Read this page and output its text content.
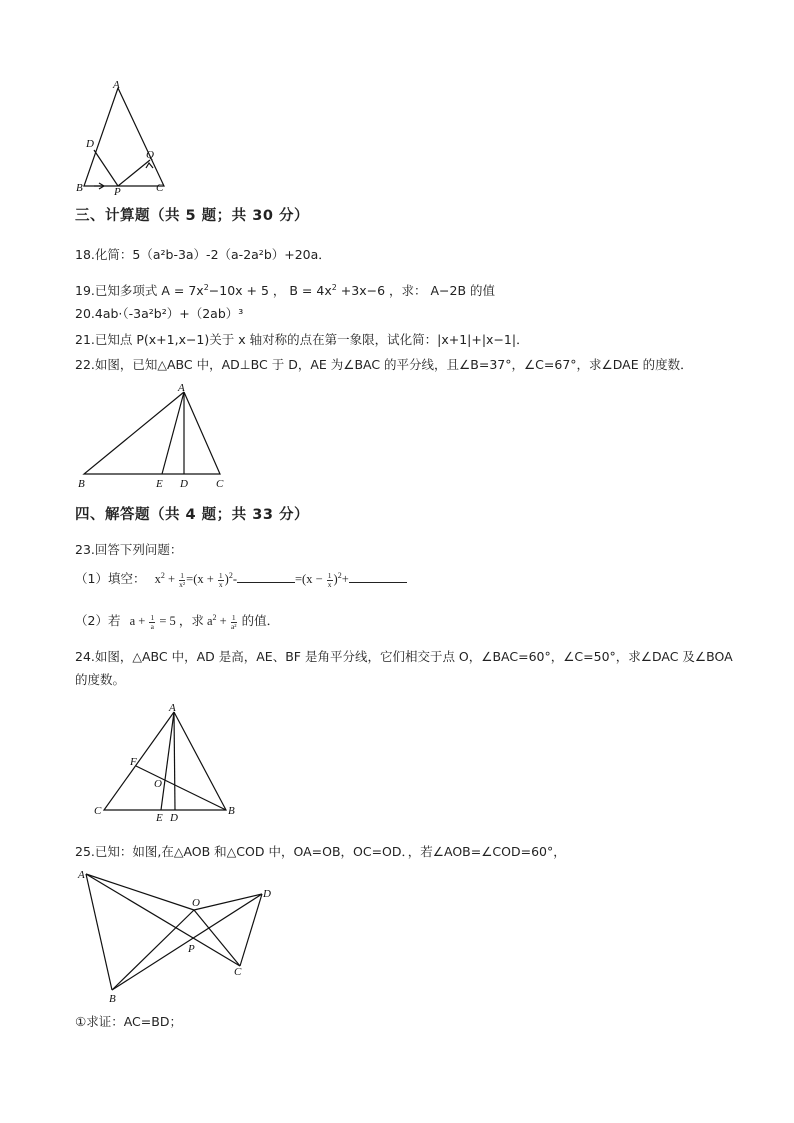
A
D
Q
B	P	C
三、计算题（共 5 题；共 30 分）
18.化简：5（a²b-3a）-2（a-2a²b）+20a．
19.已知多项式 $A = 7x^2-10x + 5$ ， $B = 4x^2 +3x-6$ ，求： A−2B 的值
20.4ab·（-3a²b²）+（2ab）³
21.已知点 P(x+1,x−1)关于 x 轴对称的点在第一象限，试化简：|x+1|+|x−1|．
22.如图，已知△ABC 中，AD⊥BC 于 D，AE 为∠BAC 的平分线，且∠B=37°，∠C=67°，求∠DAE 的度数．
A
B	E D	C
四、解答题（共 4 题；共 33 分）
23.回答下列问题：
（1）填空： $x^2 + \frac{1}{\text{x²}} =(x + \frac{1}{x} )^2-$	$=(x - \frac{1}{x} )^2+$
（2）若 $a + \frac{1}{a} = 5$ ，求 $a^2 + \frac{1}{\text{a²}}$ 的值．
24.如图，△ABC 中，AD 是高，AE、BF 是角平分线，它们相交于点 O，∠BAC=60°，∠C=50°，求∠DAC 及∠BOA
的度数。
A
F
O
C
E D
B
25.已知：如图,在△AOB 和△COD 中，OA=OB，OC=OD．，若∠AOB=∠COD=60°，
A
O
D
P
C
B
①求证：AC=BD；
